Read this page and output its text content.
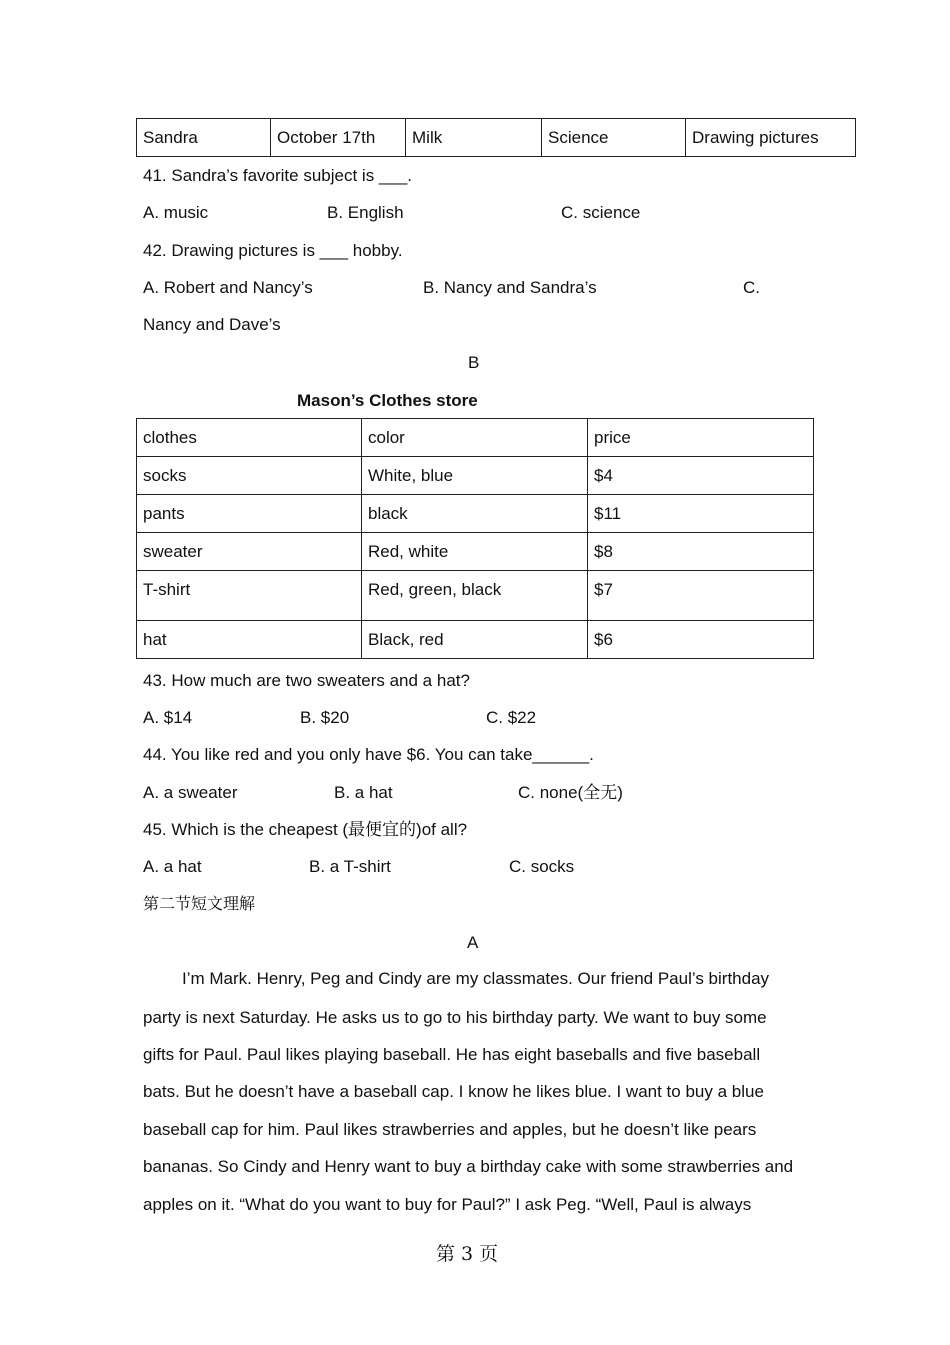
Sandra	October 17th	Milk	Science	Drawing pictures
41. Sandra’s favorite subject is ___.
A. music	B. English	C. science
42. Drawing pictures is ___ hobby.
A. Robert and Nancy’s	B. Nancy and Sandra’s	C.
Nancy and Dave’s
B
Mason’s Clothes store
clothes	color	price
socks	White, blue	$4
pants	black	$11
sweater	Red, white	$8
T-shirt	Red, green, black	$7
hat	Black, red	$6
43. How much are two sweaters and a hat?
A. $14	B. $20	C. $22
44. You like red and you only have $6. You can take______.
A. a sweater	B. a hat	C. none(全无)
45. Which is the cheapest (最便宜的)of all?
A. a hat	B. a T-shirt	C. socks
第二节短文理解
A
I’m Mark. Henry, Peg and Cindy are my classmates. Our friend Paul’s birthday
party is next Saturday. He asks us to go to his birthday party. We want to buy some
gifts for Paul. Paul likes playing baseball. He has eight baseballs and five baseball
bats. But he doesn’t have a baseball cap. I know he likes blue. I want to buy a blue
baseball cap for him. Paul likes strawberries and apples, but he doesn’t like pears
bananas. So Cindy and Henry want to buy a birthday cake with some strawberries and
apples on it. “What do you want to buy for Paul?” I ask Peg. “Well, Paul is always
第 3 页
